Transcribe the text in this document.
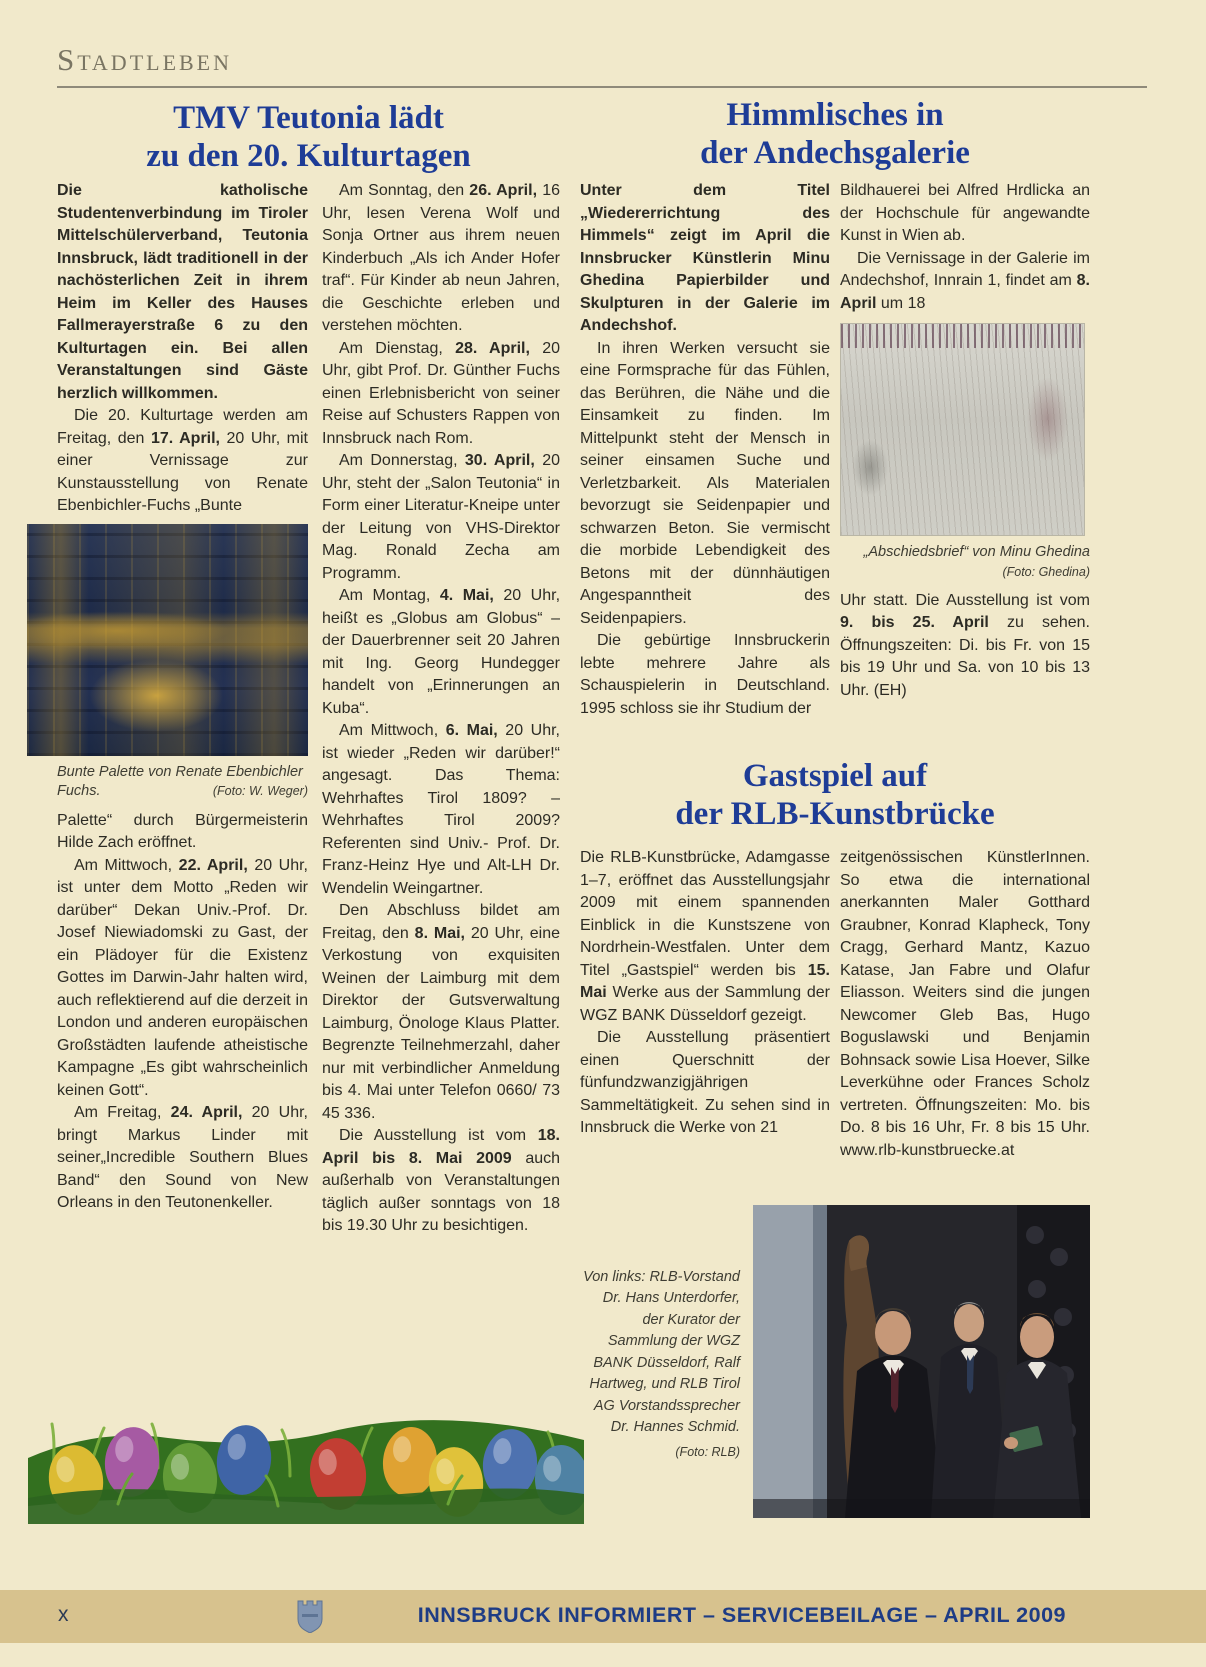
Stadtleben
TMV Teutonia lädt
zu den 20. Kulturtagen

Die katholische Studentenverbindung im Tiroler Mittelschülerverband, Teutonia Innsbruck, lädt traditionell in der nachösterlichen Zeit in ihrem Heim im Keller des Hauses Fallmerayerstraße 6 zu den Kulturtagen ein. Bei allen Veranstaltungen sind Gäste herzlich willkommen.

Die 20. Kulturtage werden am Freitag, den 17. April, 20 Uhr, mit einer Vernissage zur Kunstausstellung von Renate Ebenbichler-Fuchs „Bunte

Bunte Palette von Renate Ebenbichler Fuchs.	(Foto: W. Weger)

Palette“ durch Bürgermeisterin Hilde Zach eröffnet.

Am Mittwoch, 22. April, 20 Uhr, ist unter dem Motto „Reden wir darüber“ Dekan Univ.-Prof. Dr. Josef Niewiadomski zu Gast, der ein Plädoyer für die Existenz Gottes im Darwin-Jahr halten wird, auch reflektierend auf die derzeit in London und anderen europäischen Großstädten laufende atheistische Kampagne „Es gibt wahrscheinlich keinen Gott“.

Am Freitag, 24. April, 20 Uhr, bringt Markus Linder mit seiner„Incredible Southern Blues Band“ den Sound von New Orleans in den Teutonenkeller.

Am Sonntag, den 26. April, 16 Uhr, lesen Verena Wolf und Sonja Ortner aus ihrem neuen Kinderbuch „Als ich Ander Hofer traf“. Für Kinder ab neun Jahren, die Geschichte erleben und verstehen möchten.

Am Dienstag, 28. April, 20 Uhr, gibt Prof. Dr. Günther Fuchs einen Erlebnisbericht von seiner Reise auf Schusters Rappen von Innsbruck nach Rom.

Am Donnerstag, 30. April, 20 Uhr, steht der „Salon Teutonia“ in Form einer Literatur-Kneipe unter der Leitung von VHS-Direktor Mag. Ronald Zecha am Programm.

Am Montag, 4. Mai, 20 Uhr, heißt es „Globus am Globus“ – der Dauerbrenner seit 20 Jahren mit Ing. Georg Hundegger handelt von „Erinnerungen an Kuba“.

Am Mittwoch, 6. Mai, 20 Uhr, ist wieder „Reden wir darüber!“ angesagt. Das Thema: Wehrhaftes Tirol 1809? – Wehrhaftes Tirol 2009? Referenten sind Univ.- Prof. Dr. Franz-Heinz Hye und Alt-LH Dr. Wendelin Weingartner.

Den Abschluss bildet am Freitag, den 8. Mai, 20 Uhr, eine Verkostung von exquisiten Weinen der Laimburg mit dem Direktor der Gutsverwaltung Laimburg, Önologe Klaus Platter. Begrenzte Teilnehmerzahl, daher nur mit verbindlicher Anmeldung bis 4. Mai unter Telefon 0660/ 73 45 336.

Die Ausstellung ist vom 18. April bis 8. Mai 2009 auch außerhalb von Veranstaltungen täglich außer sonntags von 18 bis 19.30 Uhr zu besichtigen.

Himmlisches in
der Andechsgalerie

Unter dem Titel „Wiedererrichtung des Himmels“ zeigt im April die Innsbrucker Künstlerin Minu Ghedina Papierbilder und Skulpturen in der Galerie im Andechshof.

In ihren Werken versucht sie eine Formsprache für das Fühlen, das Berühren, die Nähe und die Einsamkeit zu finden. Im Mittelpunkt steht der Mensch in seiner einsamen Suche und Verletzbarkeit. Als Materialen bevorzugt sie Seidenpapier und schwarzen Beton. Sie vermischt die morbide Lebendigkeit des Betons mit der dünnhäutigen Angespanntheit des Seidenpapiers.

Die gebürtige Innsbruckerin lebte mehrere Jahre als Schauspielerin in Deutschland. 1995 schloss sie ihr Studium der

Bildhauerei bei Alfred Hrdlicka an der Hochschule für angewandte Kunst in Wien ab.

Die Vernissage in der Galerie im Andechshof, Innrain 1, findet am 8. April um 18

„Abschiedsbrief“ von Minu Ghedina
(Foto: Ghedina)

Uhr statt. Die Ausstellung ist vom 9. bis 25. April zu sehen. Öffnungszeiten: Di. bis Fr. von 15 bis 19 Uhr und Sa. von 10 bis 13 Uhr. (EH)

Gastspiel auf
der RLB-Kunstbrücke

Die RLB-Kunstbrücke, Adamgasse 1–7, eröffnet das Ausstellungsjahr 2009 mit einem spannenden Einblick in die Kunstszene von Nordrhein-Westfalen. Unter dem Titel „Gastspiel“ werden bis 15. Mai Werke aus der Sammlung der WGZ BANK Düsseldorf gezeigt.

Die Ausstellung präsentiert einen Querschnitt der fünfundzwanzigjährigen Sammeltätigkeit. Zu sehen sind in Innsbruck die Werke von 21

zeitgenössischen KünstlerInnen. So etwa die international anerkannten Maler Gotthard Graubner, Konrad Klapheck, Tony Cragg, Gerhard Mantz, Kazuo Katase, Jan Fabre und Olafur Eliasson. Weiters sind die jungen Newcomer Gleb Bas, Hugo Boguslawski und Benjamin Bohnsack sowie Lisa Hoever, Silke Leverkühne oder Frances Scholz vertreten. Öffnungszeiten: Mo. bis Do. 8 bis 16 Uhr, Fr. 8 bis 15 Uhr. www.rlb-kunstbruecke.at

Von links: RLB-Vorstand Dr. Hans Unterdorfer, der Kurator der Sammlung der WGZ BANK Düsseldorf, Ralf Hartweg, und RLB Tirol AG Vorstandssprecher Dr. Hannes Schmid.
(Foto: RLB)
x	INNSBRUCK INFORMIERT – SERVICEBEILAGE – APRIL 2009
